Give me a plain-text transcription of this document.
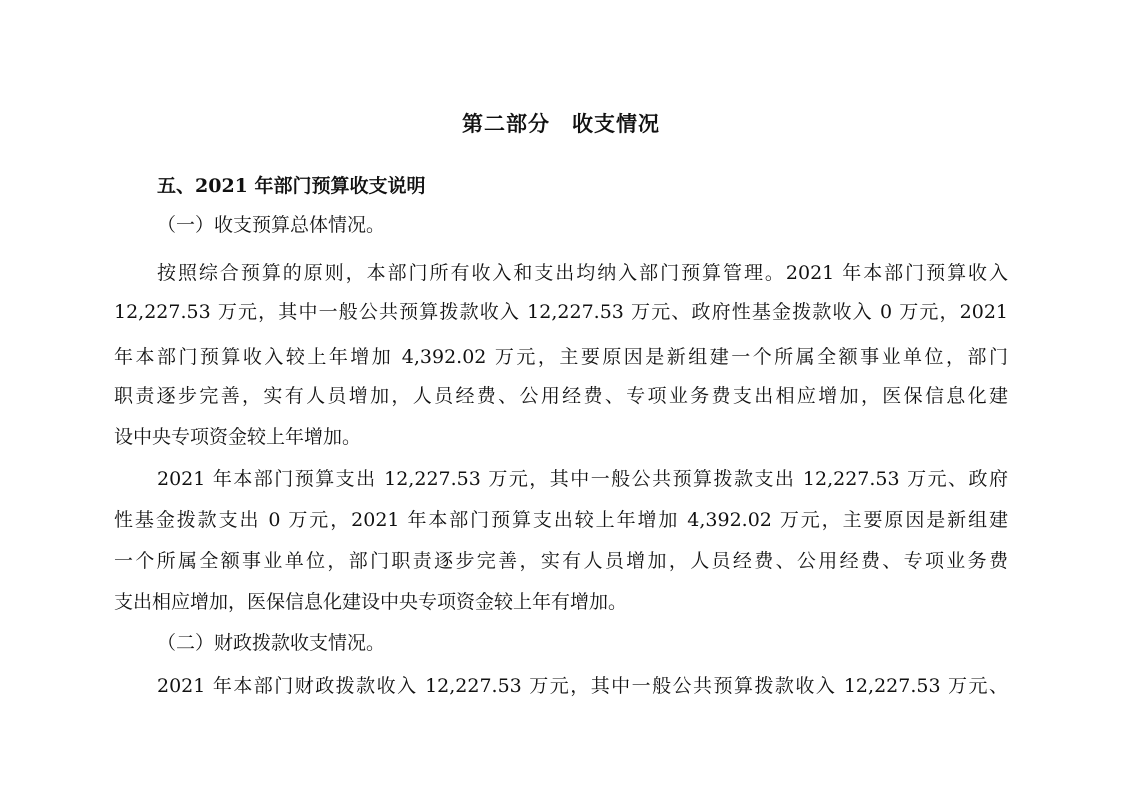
第二部分　收支情况
五、2021 年部门预算收支说明
（一）收支预算总体情况。
按照综合预算的原则，本部门所有收入和支出均纳入部门预算管理。2021 年本部门预算收入
12,227.53 万元，其中一般公共预算拨款收入 12,227.53 万元、政府性基金拨款收入 0 万元，2021
年本部门预算收入较上年增加 4,392.02 万元，主要原因是新组建一个所属全额事业单位，部门
职责逐步完善，实有人员增加，人员经费、公用经费、专项业务费支出相应增加，医保信息化建
设中央专项资金较上年增加。
2021 年本部门预算支出 12,227.53 万元，其中一般公共预算拨款支出 12,227.53 万元、政府
性基金拨款支出 0 万元，2021 年本部门预算支出较上年增加 4,392.02 万元，主要原因是新组建
一个所属全额事业单位，部门职责逐步完善，实有人员增加，人员经费、公用经费、专项业务费
支出相应增加，医保信息化建设中央专项资金较上年有增加。
（二）财政拨款收支情况。
2021 年本部门财政拨款收入 12,227.53 万元，其中一般公共预算拨款收入 12,227.53 万元、
